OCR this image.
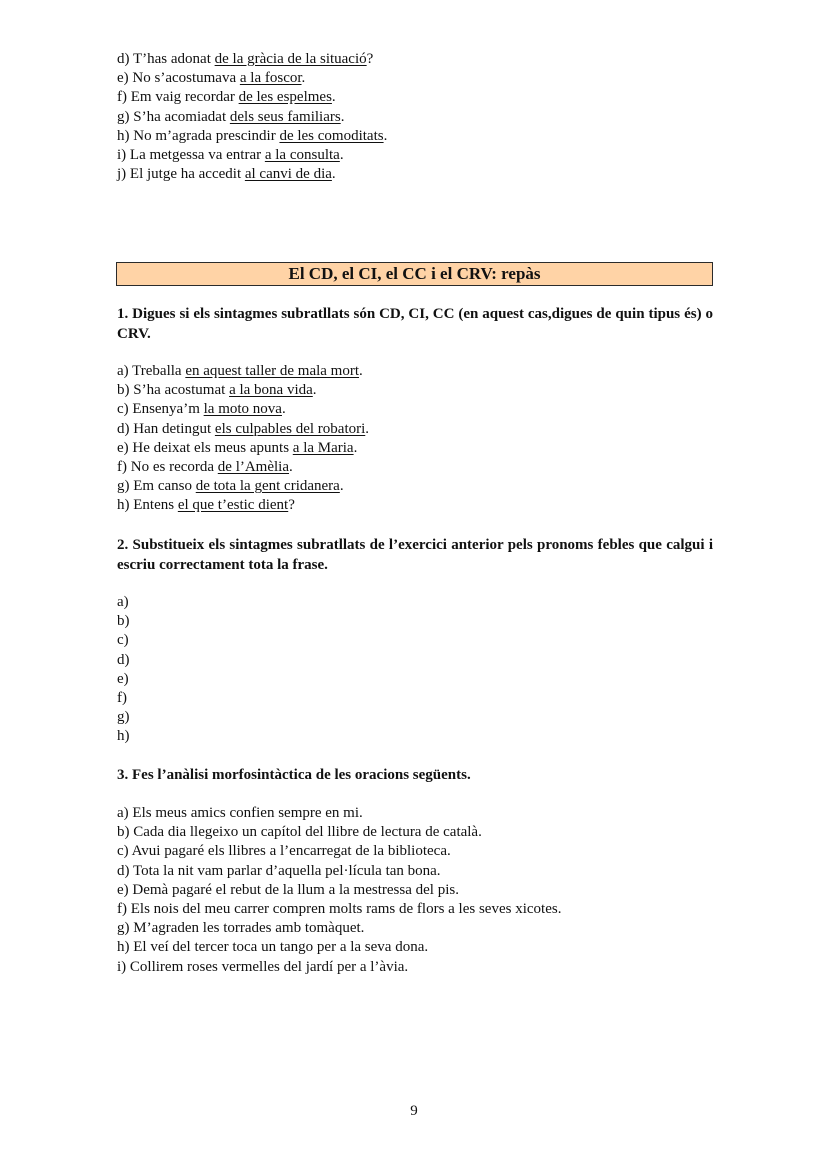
d) T’has adonat de la gràcia de la situació?
e) No s’acostumava a la foscor.
f) Em vaig recordar de les espelmes.
g) S’ha acomiadat dels seus familiars.
h) No m’agrada prescindir de les comoditats.
i) La metgessa va entrar a la consulta.
j) El jutge ha accedit al canvi de dia.
El CD, el CI, el CC i el CRV: repàs
1. Digues si els sintagmes subratllats són CD, CI, CC (en aquest cas,digues de quin tipus és) o CRV.
a) Treballa en aquest taller de mala mort.
b) S’ha acostumat a la bona vida.
c) Ensenya’m la moto nova.
d) Han detingut els culpables del robatori.
e) He deixat els meus apunts a la Maria.
f) No es recorda de l’Amèlia.
g) Em canso de tota la gent cridanera.
h) Entens el que t’estic dient?
2. Substitueix els sintagmes subratllats de l’exercici anterior pels pronoms febles que calgui i escriu correctament tota la frase.
a)
b)
c)
d)
e)
f)
g)
h)
3. Fes l’anàlisi morfosintàctica de les oracions següents.
a) Els meus amics confien sempre en mi.
b) Cada dia llegeixo un capítol del llibre de lectura de català.
c) Avui pagaré els llibres a l’encarregat de la biblioteca.
d) Tota la nit vam parlar d’aquella pel·lícula tan bona.
e) Demà pagaré el rebut de la llum a la mestressa del pis.
f) Els nois del meu carrer compren molts rams de flors a les seves xicotes.
g) M’agraden les torrades amb tomàquet.
h) El veí del tercer toca un tango per a la seva dona.
i) Collirem roses vermelles del jardí per a l’àvia.
9
